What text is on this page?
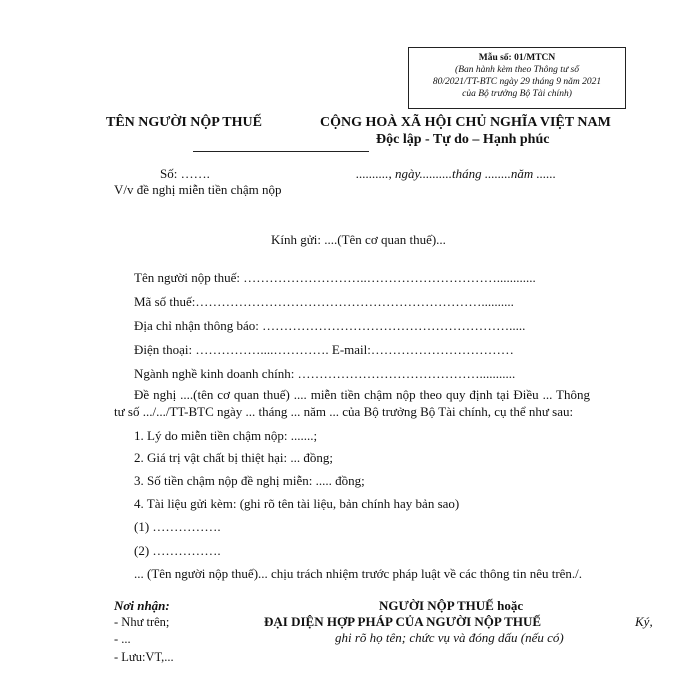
Mẫu số: 01/MTCN
(Ban hành kèm theo Thông tư số
80/2021/TT-BTC ngày 29 tháng 9 năm 2021
của Bộ trưởng Bộ Tài chính)
TÊN NGƯỜI NỘP THUẾ	CỘNG HOÀ XÃ HỘI CHỦ NGHĨA VIỆT NAM
Độc lập - Tự do – Hạnh phúc
Số: …….
V/v đề nghị miễn tiền chậm nộp
.........., ngày..........tháng ........năm ......
Kính gửi: ....(Tên cơ quan thuế)...
Tên người nộp thuế: ………………………..…………………………............
Mã số thuế:…………………………………………………………..........
Địa chỉ nhận thông báo: ………………………………………………….....
Điện thoại: ……………....…………. E-mail:……………………………
Ngành nghề kinh doanh chính: ……………………………………...........
Đề nghị ....(tên cơ quan thuế) .... miễn tiền chậm nộp theo quy định tại Điều ... Thông tư số .../.../TT-BTC ngày ... tháng ... năm ... của Bộ trưởng Bộ Tài chính, cụ thể như sau:
1. Lý do miễn tiền chậm nộp: .......;
2. Giá trị vật chất bị thiệt hại: ... đồng;
3. Số tiền chậm nộp đề nghị miễn: ..... đồng;
4. Tài liệu gửi kèm: (ghi rõ tên tài liệu, bản chính hay bản sao)
(1) …………….
(2) …………….
... (Tên người nộp thuế)... chịu trách nhiệm trước pháp luật về các thông tin nêu trên./.
Nơi nhận:
- Như trên;
- ...
- Lưu:VT,...
NGƯỜI NỘP THUẾ hoặc
ĐẠI DIỆN HỢP PHÁP CỦA NGƯỜI NỘP THUẾ	Ký,
ghi rõ họ tên; chức vụ và đóng dấu (nếu có)
